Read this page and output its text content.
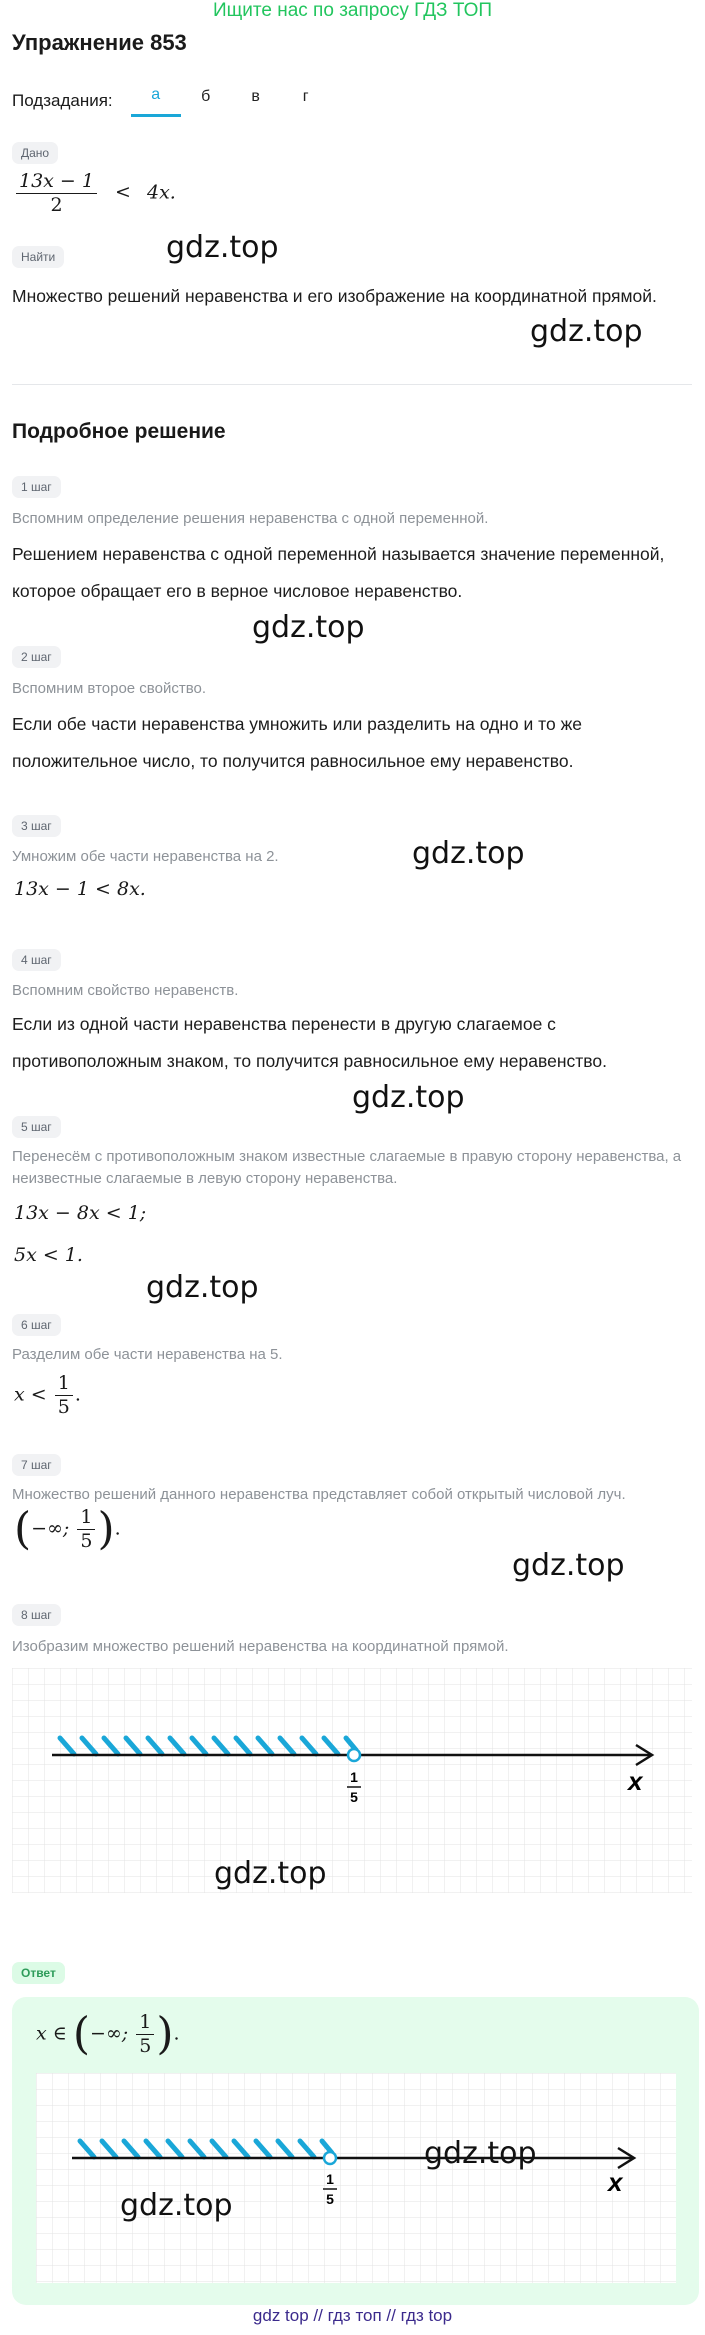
Ищите нас по запросу ГДЗ ТОП
Упражнение 853
Подзадания:	а	б	в	г
Дано
$\frac{13x - 1}{2} < 4x$.
Найти
Множество решений неравенства и его изображение на координатной прямой.
Подробное решение
1 шаг
Вспомним определение решения неравенства с одной переменной.
Решением неравенства с одной переменной называется значение переменной, которое обращает его в верное числовое неравенство.
2 шаг
Вспомним второе свойство.
Если обе части неравенства умножить или разделить на одно и то же положительное число, то получится равносильное ему неравенство.
3 шаг
Умножим обе части неравенства на 2.
13x − 1 < 8x.
4 шаг
Вспомним свойство неравенств.
Если из одной части неравенства перенести в другую слагаемое с противоположным знаком, то получится равносильное ему неравенство.
5 шаг
Перенесём с противоположным знаком известные слагаемые в правую сторону неравенства, а неизвестные слагаемые в левую сторону неравенства.
13x − 8x < 1;
5x < 1.
6 шаг
Разделим обе части неравенства на 5.
$x < \frac{1}{5}$ .
7 шаг
Множество решений данного неравенства представляет собой открытый числовой луч.
(−∞; $\frac{1}{5}$ ).
8 шаг
Изобразим множество решений неравенства на координатной прямой.
1
5
x
Ответ
x ∈ (−∞; $\frac{1}{5}$ ).
1
5
x
gdz.top
gdz.top
gdz.top
gdz.top
gdz.top
gdz.top
gdz.top
gdz.top
gdz.top
gdz.top
gdz top // гдз топ // гдз top
